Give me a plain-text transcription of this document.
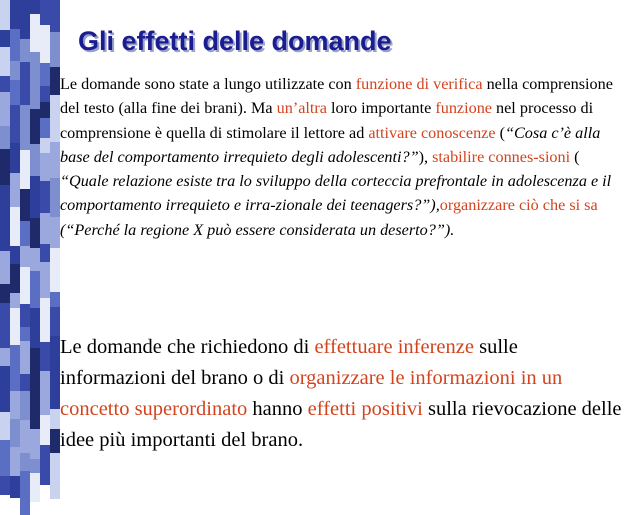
Gli effetti delle domande
Le domande sono state a lungo utilizzate con funzione di verifica nella comprensione del testo (alla fine dei brani). Ma un’altra loro importante funzione nel processo di comprensione è quella di stimolare il lettore ad attivare conoscenze (“Cosa c’è alla base del comportamento irrequieto degli adolescenti?”), stabilire connes-sioni ( “Quale relazione esiste tra lo sviluppo della corteccia prefrontale in adolescenza e il comportamento irrequieto e irra-zionale dei teenagers?”),organizzare ciò che si sa (“Perché la regione X può essere considerata un deserto?”).
Le domande che richiedono di effettuare inferenze sulle informazioni del brano o di organizzare le informazioni in un concetto superordinato hanno effetti positivi sulla rievocazione delle idee più importanti del brano.
